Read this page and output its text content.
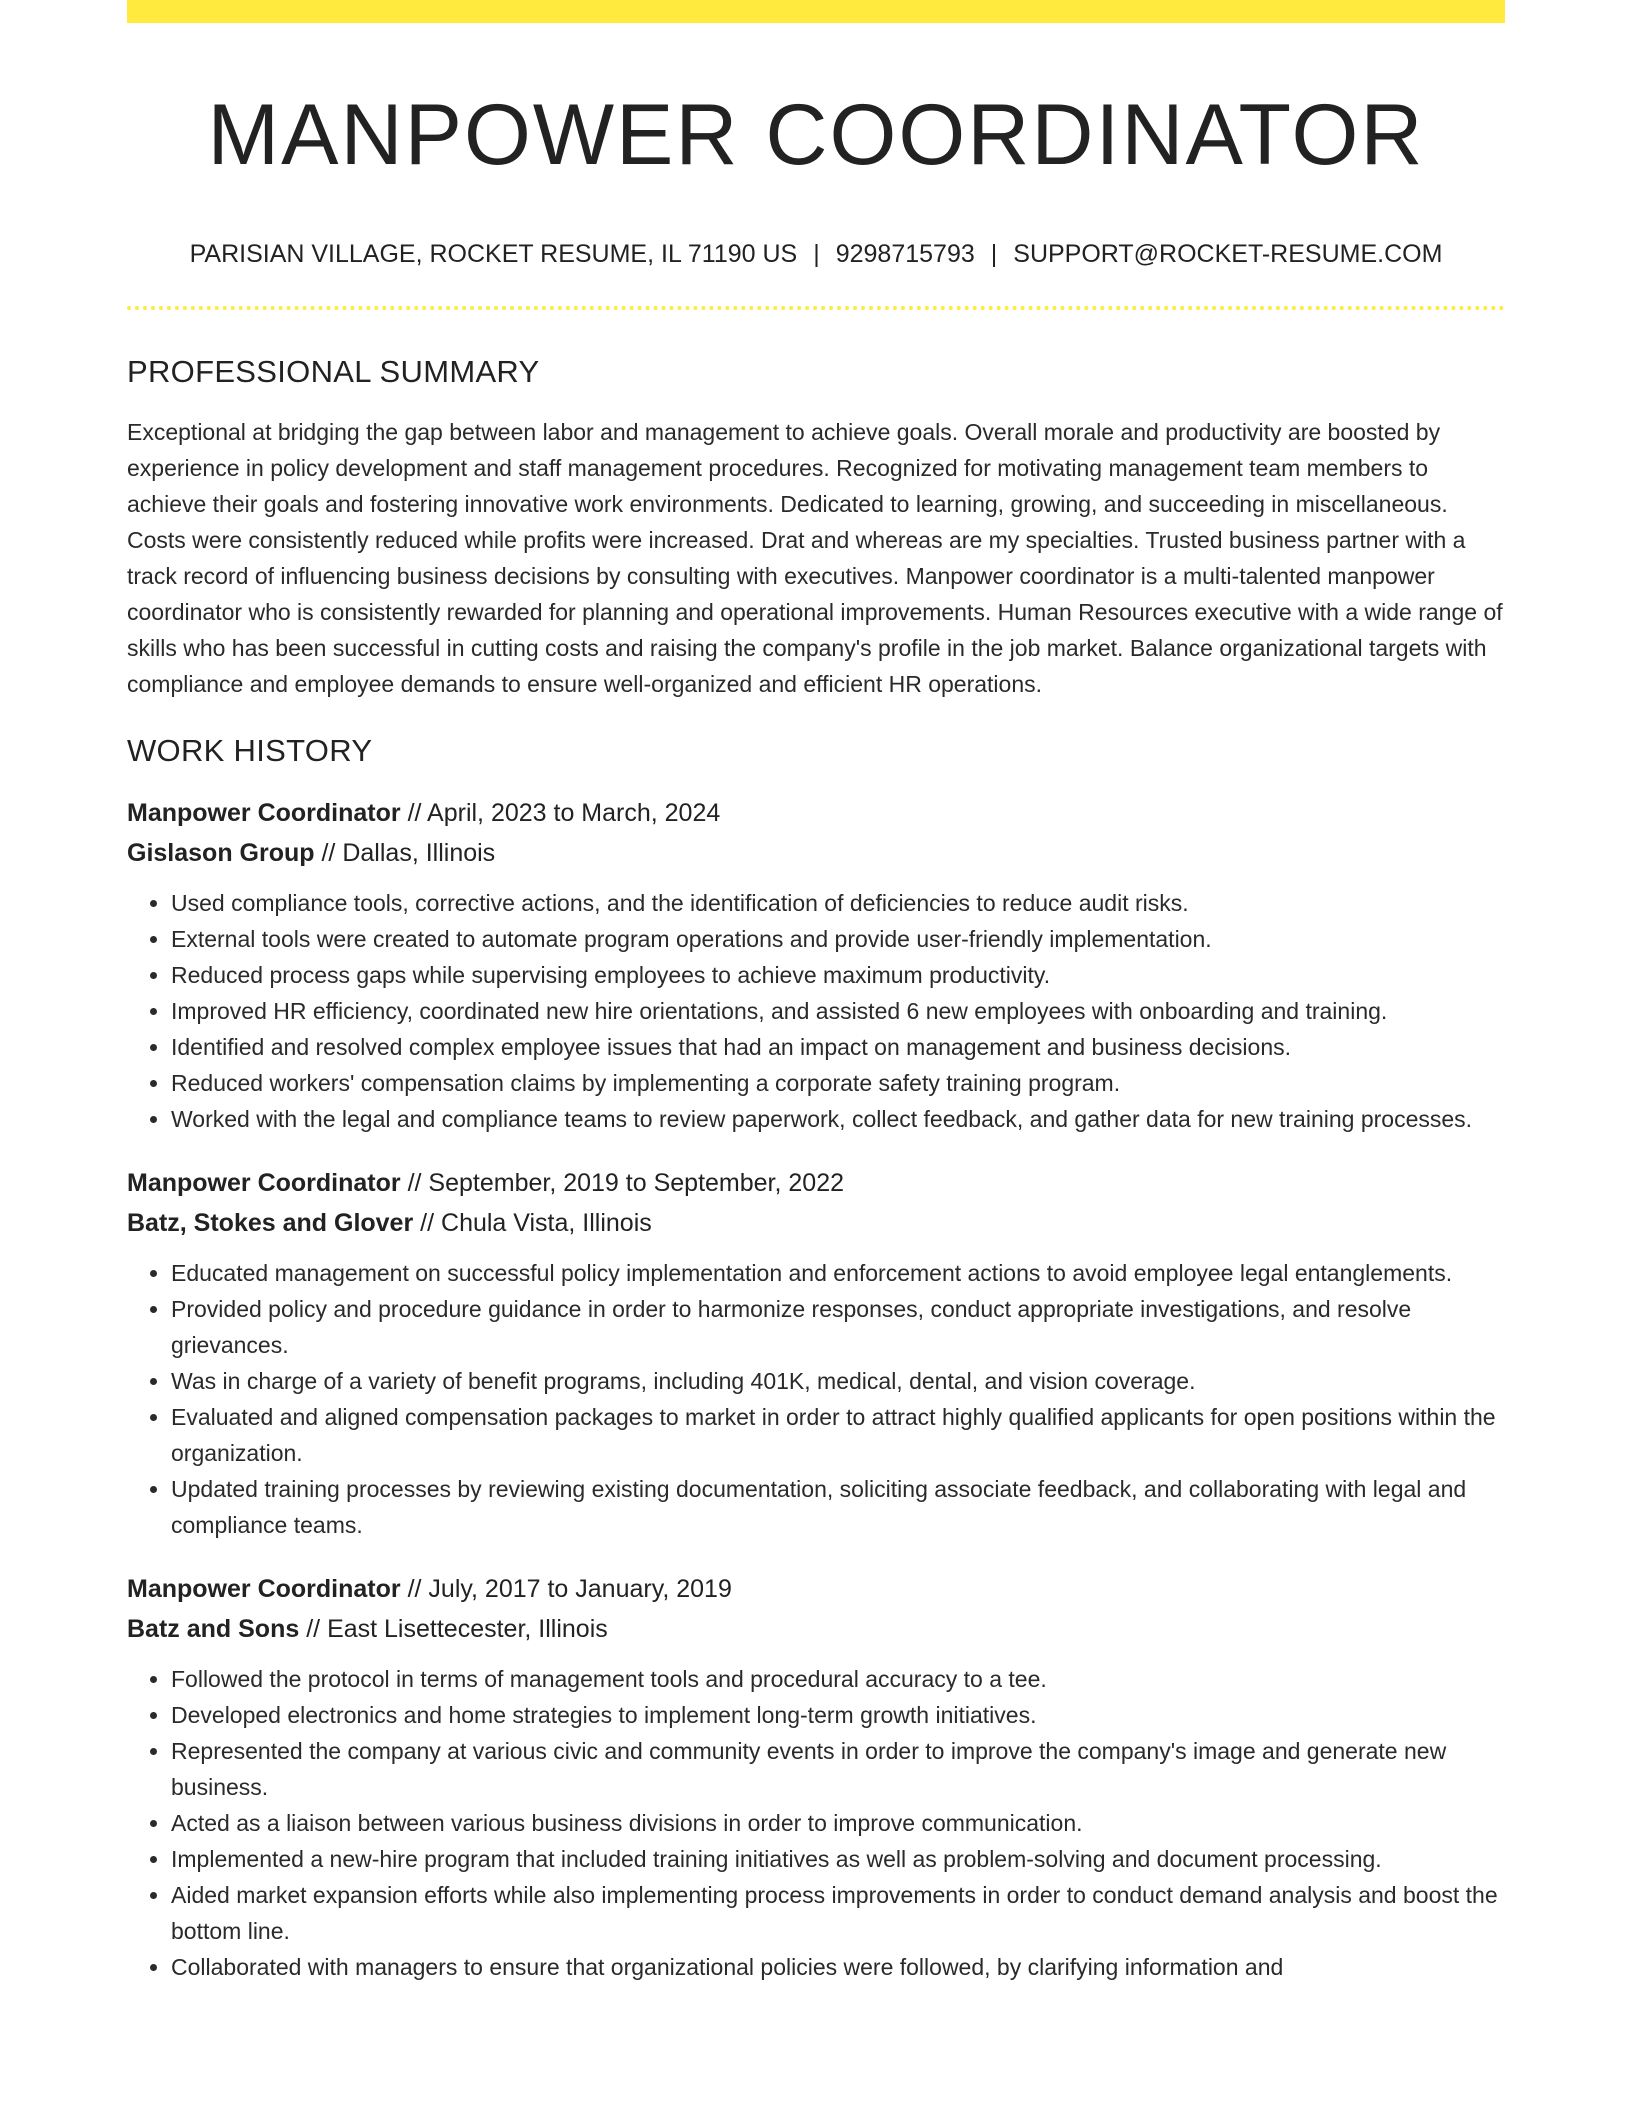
MANPOWER COORDINATOR
PARISIAN VILLAGE, ROCKET RESUME, IL 71190 US | 9298715793 | SUPPORT@ROCKET-RESUME.COM
PROFESSIONAL SUMMARY

Exceptional at bridging the gap between labor and management to achieve goals. Overall morale and productivity are boosted by experience in policy development and staff management procedures. Recognized for motivating management team members to achieve their goals and fostering innovative work environments. Dedicated to learning, growing, and succeeding in miscellaneous. Costs were consistently reduced while profits were increased. Drat and whereas are my specialties. Trusted business partner with a track record of influencing business decisions by consulting with executives. Manpower coordinator is a multi-talented manpower coordinator who is consistently rewarded for planning and operational improvements. Human Resources executive with a wide range of skills who has been successful in cutting costs and raising the company's profile in the job market. Balance organizational targets with compliance and employee demands to ensure well-organized and efficient HR operations.

WORK HISTORY
Manpower Coordinator // April, 2023 to March, 2024
Gislason Group // Dallas, Illinois
• Used compliance tools, corrective actions, and the identification of deficiencies to reduce audit risks.
• External tools were created to automate program operations and provide user-friendly implementation.
• Reduced process gaps while supervising employees to achieve maximum productivity.
• Improved HR efficiency, coordinated new hire orientations, and assisted 6 new employees with onboarding and training.
• Identified and resolved complex employee issues that had an impact on management and business decisions.
• Reduced workers' compensation claims by implementing a corporate safety training program.
• Worked with the legal and compliance teams to review paperwork, collect feedback, and gather data for new training processes.
Manpower Coordinator // September, 2019 to September, 2022
Batz, Stokes and Glover // Chula Vista, Illinois
• Educated management on successful policy implementation and enforcement actions to avoid employee legal entanglements.
• Provided policy and procedure guidance in order to harmonize responses, conduct appropriate investigations, and resolve grievances.
• Was in charge of a variety of benefit programs, including 401K, medical, dental, and vision coverage.
• Evaluated and aligned compensation packages to market in order to attract highly qualified applicants for open positions within the organization.
• Updated training processes by reviewing existing documentation, soliciting associate feedback, and collaborating with legal and compliance teams.
Manpower Coordinator // July, 2017 to January, 2019
Batz and Sons // East Lisettecester, Illinois
• Followed the protocol in terms of management tools and procedural accuracy to a tee.
• Developed electronics and home strategies to implement long-term growth initiatives.
• Represented the company at various civic and community events in order to improve the company's image and generate new business.
• Acted as a liaison between various business divisions in order to improve communication.
• Implemented a new-hire program that included training initiatives as well as problem-solving and document processing.
• Aided market expansion efforts while also implementing process improvements in order to conduct demand analysis and boost the bottom line.
• Collaborated with managers to ensure that organizational policies were followed, by clarifying information and
